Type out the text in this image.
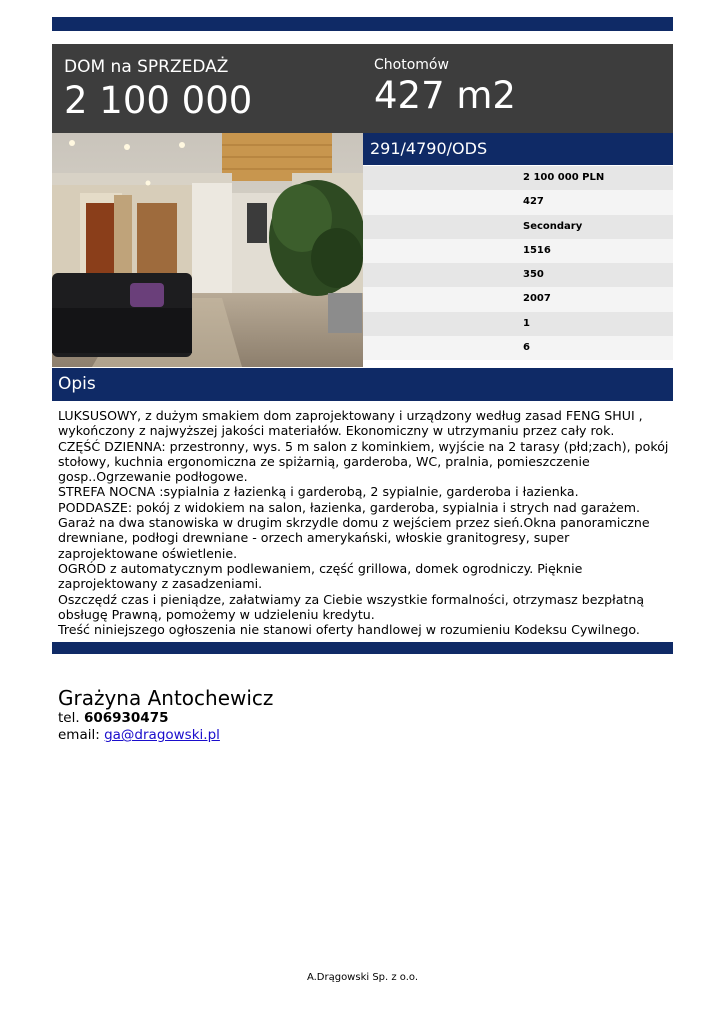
DOM na SPRZEDAŻ
2 100 000
Chotomów
427 m2
291/4790/ODS
2 100 000 PLN
427
Secondary
1516
350
2007
1
6
Opis

LUKSUSOWY, z dużym smakiem dom zaprojektowany i urządzony według zasad FENG SHUI , wykończony z najwyższej jakości materiałów. Ekonomiczny w utrzymaniu przez cały rok.

CZĘŚĆ DZIENNA: przestronny, wys. 5 m salon z kominkiem, wyjście na 2 tarasy (płd;zach), pokój stołowy, kuchnia ergonomiczna ze spiżarnią, garderoba, WC, pralnia, pomieszczenie gosp..Ogrzewanie podłogowe.

STREFA NOCNA :sypialnia z łazienką i garderobą, 2 sypialnie, garderoba i łazienka.

PODDASZE: pokój z widokiem na salon, łazienka, garderoba, sypialnia i strych nad garażem.

Garaż na dwa stanowiska w drugim skrzydle domu z wejściem przez sień.Okna panoramiczne drewniane, podłogi drewniane - orzech amerykański, włoskie granitogresy, super zaprojektowane oświetlenie.

OGRÓD z automatycznym podlewaniem, część grillowa, domek ogrodniczy. Pięknie zaprojektowany z zasadzeniami.

Oszczędź czas i pieniądze, załatwiamy za Ciebie wszystkie formalności, otrzymasz bezpłatną obsługę Prawną, pomożemy w udzieleniu kredytu.

Treść niniejszego ogłoszenia nie stanowi oferty handlowej w rozumieniu Kodeksu Cywilnego.

Grażyna Antochewicz
tel. 606930475
email: ga@dragowski.pl
A.Drągowski Sp. z o.o.
